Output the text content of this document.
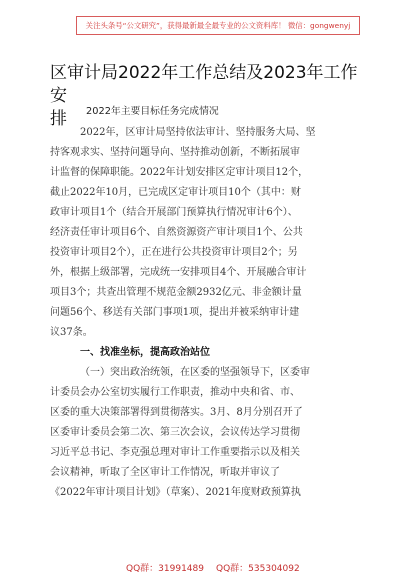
关注头条号“公文研究”，获得最新最全最专业的公文资料库！ 微信：gongwenyj
区审计局2022年工作总结及2023年工作安
排	2022年主要目标任务完成情况

2022年，区审计局坚持依法审计、坚持服务大局、坚

持客观求实、坚持问题导向、坚持推动创新，不断拓展审

计监督的保障职能。2022年计划安排区定审计项目12个，

截止2022年10月，已完成区定审计项目10个（其中：财

政审计项目1个（结合开展部门预算执行情况审计6个）、

经济责任审计项目6个、自然资源资产审计项目1个、公共

投资审计项目2个），正在进行公共投资审计项目2个；另

外，根据上级部署，完成统一安排项目4个、开展融合审计

项目3个；共查出管理不规范金额2932亿元、非金额计量

问题56个、移送有关部门事项1项，提出并被采纳审计建

议37条。

一、找准坐标，提高政治站位

（一）突出政治统领，在区委的坚强领导下，区委审

计委员会办公室切实履行工作职责，推动中央和省、市、

区委的重大决策部署得到贯彻落实。3月、8月分别召开了

区委审计委员会第二次、第三次会议，会议传达学习贯彻

习近平总书记、李克强总理对审计工作重要指示以及相关

会议精神，听取了全区审计工作情况，听取并审议了

《2022年审计项目计划》（草案）、2021年度财政预算执

QQ群：31991489 QQ群：535304092
